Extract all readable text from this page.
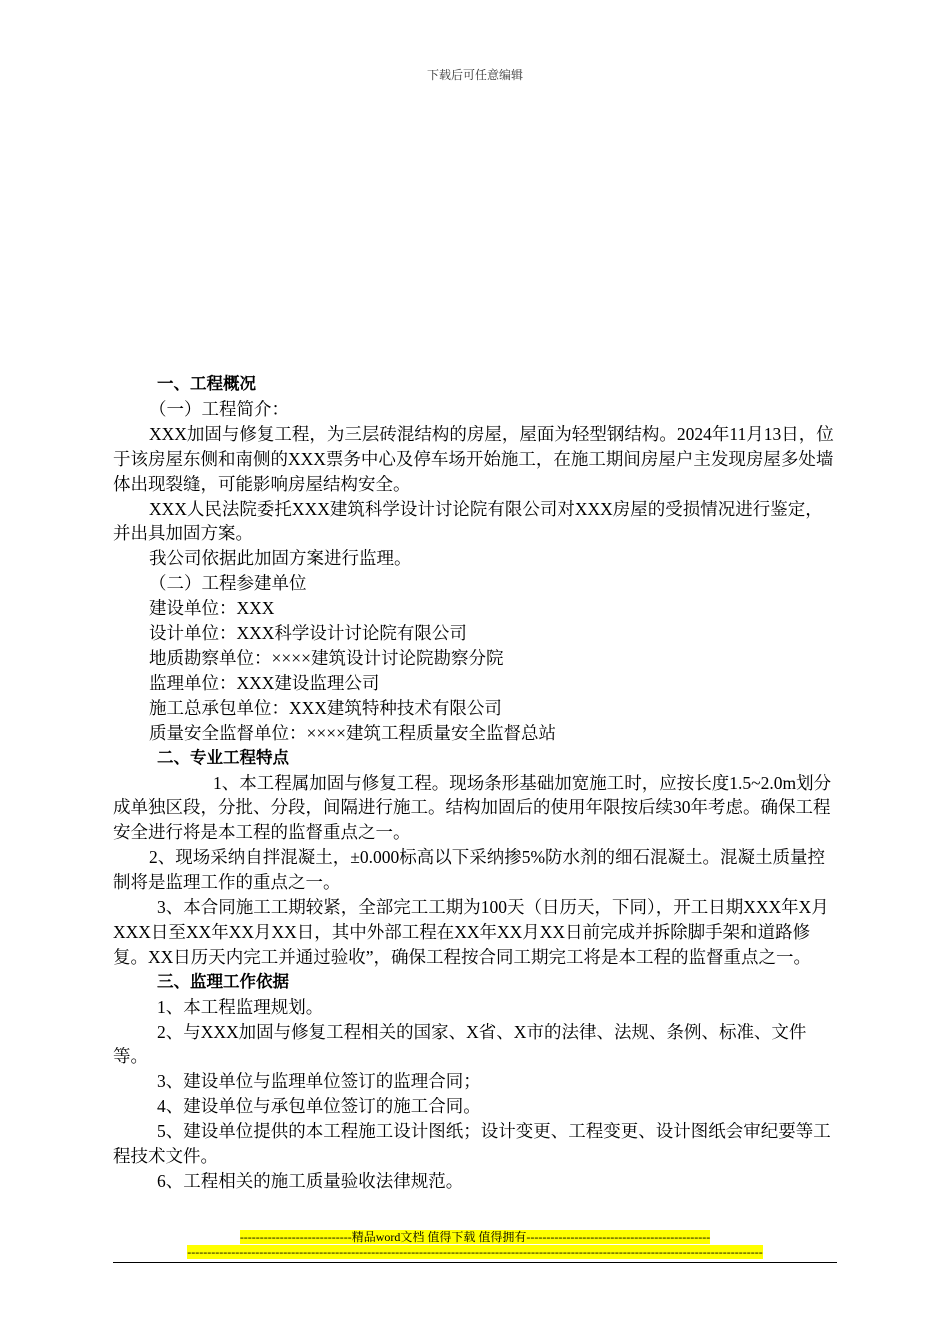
下载后可任意编辑

一、工程概况

（一）工程简介：

XXX加固与修复工程，为三层砖混结构的房屋，屋面为轻型钢结构。2024年11月13日，位于该房屋东侧和南侧的XXX票务中心及停车场开始施工，在施工期间房屋户主发现房屋多处墙体出现裂缝，可能影响房屋结构安全。

XXX人民法院委托XXX建筑科学设计讨论院有限公司对XXX房屋的受损情况进行鉴定，并出具加固方案。

我公司依据此加固方案进行监理。

（二）工程参建单位

建设单位：XXX

设计单位：XXX科学设计讨论院有限公司

地质勘察单位：××××建筑设计讨论院勘察分院

监理单位：XXX建设监理公司

施工总承包单位：XXX建筑特种技术有限公司

质量安全监督单位：××××建筑工程质量安全监督总站

二、专业工程特点

1、本工程属加固与修复工程。现场条形基础加宽施工时，应按长度1.5~2.0m划分成单独区段，分批、分段，间隔进行施工。结构加固后的使用年限按后续30年考虑。确保工程安全进行将是本工程的监督重点之一。

2、现场采纳自拌混凝土，±0.000标高以下采纳掺5%防水剂的细石混凝土。混凝土质量控制将是监理工作的重点之一。

3、本合同施工工期较紧，全部完工工期为100天（日历天，下同），开工日期XXX年X月XXX日至XX年XX月XX日，其中外部工程在XX年XX月XX日前完成并拆除脚手架和道路修复。XX日历天内完工并通过验收”，确保工程按合同工期完工将是本工程的监督重点之一。

三、监理工作依据

1、本工程监理规划。

2、与XXX加固与修复工程相关的国家、X省、X市的法律、法规、条例、标准、文件等。

3、建设单位与监理单位签订的监理合同；

4、建设单位与承包单位签订的施工合同。

5、建设单位提供的本工程施工设计图纸；设计变更、工程变更、设计图纸会审纪要等工程技术文件。

6、工程相关的施工质量验收法律规范。

----------------------------精品word文档 值得下载 值得拥有----------------------------------------------
------------------------------------------------------------------------------------------------------------------------------------------------
